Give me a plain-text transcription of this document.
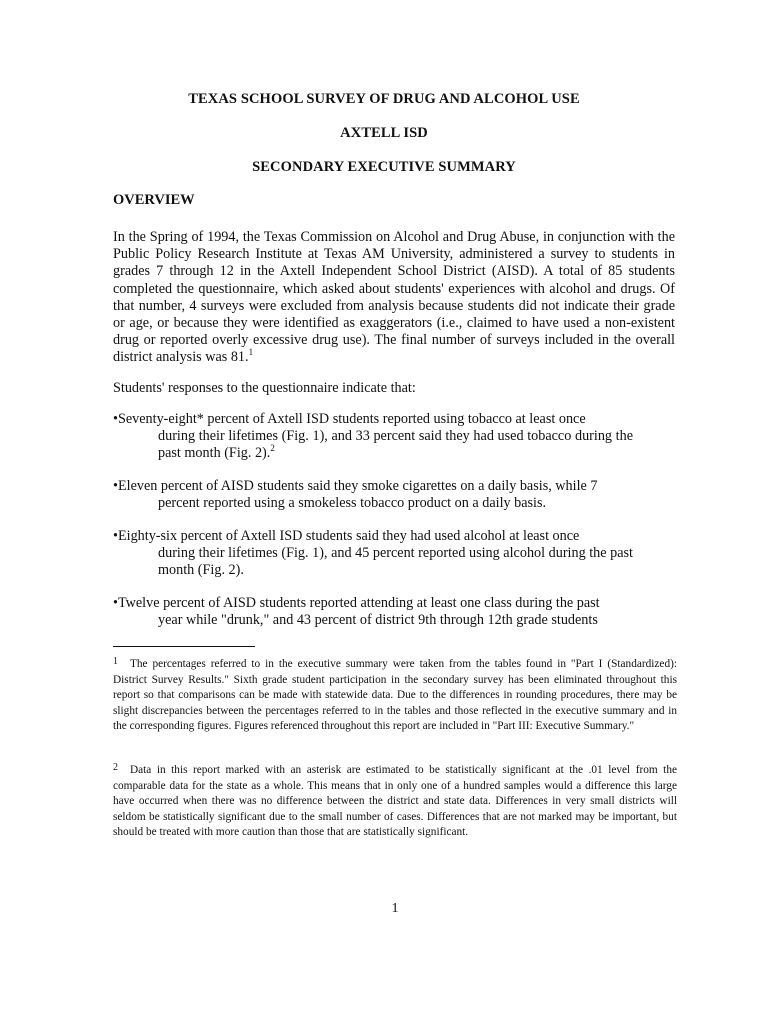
TEXAS SCHOOL SURVEY OF DRUG AND ALCOHOL USE
AXTELL ISD
SECONDARY EXECUTIVE SUMMARY
OVERVIEW
In the Spring of 1994, the Texas Commission on Alcohol and Drug Abuse, in conjunction with the Public Policy Research Institute at Texas AM University, administered a survey to students in grades 7 through 12 in the Axtell Independent School District (AISD). A total of 85 students completed the questionnaire, which asked about students' experiences with alcohol and drugs. Of that number, 4 surveys were excluded from analysis because students did not indicate their grade or age, or because they were identified as exaggerators (i.e., claimed to have used a non-existent drug or reported overly excessive drug use). The final number of surveys included in the overall district analysis was 81.$^1$
Students' responses to the questionnaire indicate that:
•Seventy-eight* percent of Axtell ISD students reported using tobacco at least once
during their lifetimes (Fig. 1), and 33 percent said they had used tobacco during the past month (Fig. 2).$^2$
•Eleven percent of AISD students said they smoke cigarettes on a daily basis, while 7
percent reported using a smokeless tobacco product on a daily basis.
•Eighty-six percent of Axtell ISD students said they had used alcohol at least once
during their lifetimes (Fig. 1), and 45 percent reported using alcohol during the past month (Fig. 2).
•Twelve percent of AISD students reported attending at least one class during the past
year while "drunk," and 43 percent of district 9th through 12th grade students
1 The percentages referred to in the executive summary were taken from the tables found in "Part I (Standardized): District Survey Results." Sixth grade student participation in the secondary survey has been eliminated throughout this report so that comparisons can be made with statewide data. Due to the differences in rounding procedures, there may be slight discrepancies between the percentages referred to in the tables and those reflected in the executive summary and in the corresponding figures. Figures referenced throughout this report are included in "Part III: Executive Summary."
2 Data in this report marked with an asterisk are estimated to be statistically significant at the .01 level from the comparable data for the state as a whole. This means that in only one of a hundred samples would a difference this large have occurred when there was no difference between the district and state data. Differences in very small districts will seldom be statistically significant due to the small number of cases. Differences that are not marked may be important, but should be treated with more caution than those that are statistically significant.
1
